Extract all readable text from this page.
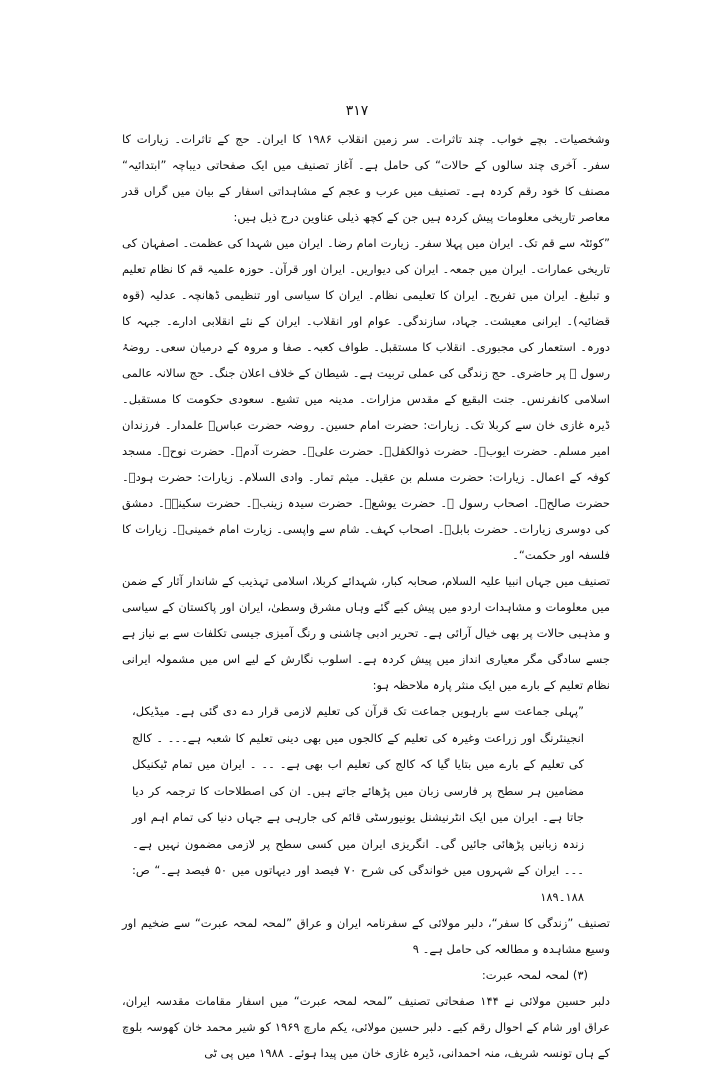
۳۱۷

وشخصیات۔ بچے خواب۔ چند تاثرات۔ سر زمین انقلاب ۱۹۸۶ کا ایران۔ حج کے تاثرات۔ زیارات کا سفر۔ آخری چند سالوں کے حالات“ کی حامل ہے۔ آغاز تصنیف میں ایک صفحاتی دیباچہ ”ابتدائیہ“ مصنف کا خود رقم کردہ ہے۔ تصنیف میں عرب و عجم کے مشاہداتی اسفار کے بیان میں گراں قدر معاصر تاریخی معلومات پیش کردہ ہیں جن کے کچھ ذیلی عناوین درج ذیل ہیں:

”کوئٹہ سے قم تک۔ ایران میں پہلا سفر۔ زیارت امام رضا۔ ایران میں شہدا کی عظمت۔ اصفہان کی تاریخی عمارات۔ ایران میں جمعہ۔ ایران کی دیواریں۔ ایران اور قرآن۔ حوزہ علمیہ قم کا نظام تعلیم و تبلیغ۔ ایران میں تفریح۔ ایران کا تعلیمی نظام۔ ایران کا سیاسی اور تنظیمی ڈھانچہ۔ عدلیہ (قوہ قضائیہ)۔ ایرانی معیشت۔ جہاد، سازندگی۔ عوام اور انقلاب۔ ایران کے نئے انقلابی ادارے۔ جبہہ کا دورہ۔ استعمار کی مجبوری۔ انقلاب کا مستقبل۔ طواف کعبہ۔ صفا و مروہ کے درمیان سعی۔ روضۂ رسول ﷺ پر حاضری۔ حج زندگی کی عملی تربیت ہے۔ شیطان کے خلاف اعلان جنگ۔ حج سالانہ عالمی اسلامی کانفرنس۔ جنت البقیع کے مقدس مزارات۔ مدینہ میں تشیع۔ سعودی حکومت کا مستقبل۔ ڈیرہ غازی خان سے کربلا تک۔ زیارات: حضرت امام حسین۔ روضہ حضرت عباسؑ علمدار۔ فرزندان امیر مسلم۔ حضرت ایوبؑ۔ حضرت ذوالکفلؑ۔ حضرت علیؑ۔ حضرت آدمؑ۔ حضرت نوحؑ۔ مسجد کوفہ کے اعمال۔ زیارات: حضرت مسلم بن عقیل۔ میثم تمار۔ وادی السلام۔ زیارات: حضرت ہودؑ۔ حضرت صالحؑ۔ اصحاب رسول ﷺ۔ حضرت یوشعؑ۔ حضرت سیدہ زینبؑ۔ حضرت سکینہؑ۔ دمشق کی دوسری زیارات۔ حضرت بابلؑ۔ اصحاب کہف۔ شام سے واپسی۔ زیارت امام خمینیؒ۔ زیارات کا فلسفہ اور حکمت“۔

تصنیف میں جہاں انبیا علیہ السلام، صحابہ کبار، شہدائے کربلا، اسلامی تہذیب کے شاندار آثار کے ضمن میں معلومات و مشاہدات اردو میں پیش کیے گئے وہاں مشرق وسطیٰ، ایران اور پاکستان کے سیاسی و مذہبی حالات پر بھی خیال آرائی ہے۔ تحریر ادبی چاشنی و رنگ آمیزی جیسی تکلفات سے بے نیاز ہے جسے سادگی مگر معیاری انداز میں پیش کردہ ہے۔ اسلوب نگارش کے لیے اس میں مشمولہ ایرانی نظام تعلیم کے بارے میں ایک منثر پارہ ملاحظہ ہو:

”پہلی جماعت سے بارہویں جماعت تک قرآن کی تعلیم لازمی قرار دے دی گئی ہے۔ میڈیکل، انجینئرنگ اور زراعت وغیرہ کی تعلیم کے کالجوں میں بھی دینی تعلیم کا شعبہ ہے۔۔۔ ۔ کالج کی تعلیم کے بارے میں بتایا گیا کہ کالج کی تعلیم اب بھی ہے۔ ۔۔ ۔ ایران میں تمام ٹیکنیکل مضامین ہر سطح پر فارسی زبان میں پڑھائے جاتے ہیں۔ ان کی اصطلاحات کا ترجمہ کر دیا جاتا ہے۔ ایران میں ایک انٹرنیشنل یونیورسٹی قائم کی جارہی ہے جہاں دنیا کی تمام اہم اور زندہ زبانیں پڑھائی جائیں گی۔ انگریزی ایران میں کسی سطح پر لازمی مضمون نہیں ہے۔ ۔۔۔ ایران کے شہروں میں خواندگی کی شرح ۷۰ فیصد اور دیہاتوں میں ۵۰ فیصد ہے۔“ ص: ۱۸۸۔۱۸۹

تصنیف ”زندگی کا سفر“، دلبر مولائی کے سفرنامہ ایران و عراق ”لمحہ لمحہ عبرت“ سے ضخیم اور وسیع مشاہدہ و مطالعہ کی حامل ہے۔ ۹

(۳) لمحہ لمحہ عبرت:

دلبر حسین مولائی نے ۱۴۴ صفحاتی تصنیف ”لمحہ لمحہ عبرت“ میں اسفار مقامات مقدسہ ایران، عراق اور شام کے احوال رقم کیے۔ دلبر حسین مولائی، یکم مارچ ۱۹۶۹ کو شیر محمد خان کھوسہ بلوچ کے ہاں تونسہ شریف، منہ احمدانی، ڈیرہ غازی خان میں پیدا ہوئے۔ ۱۹۸۸ میں پی ٹی
